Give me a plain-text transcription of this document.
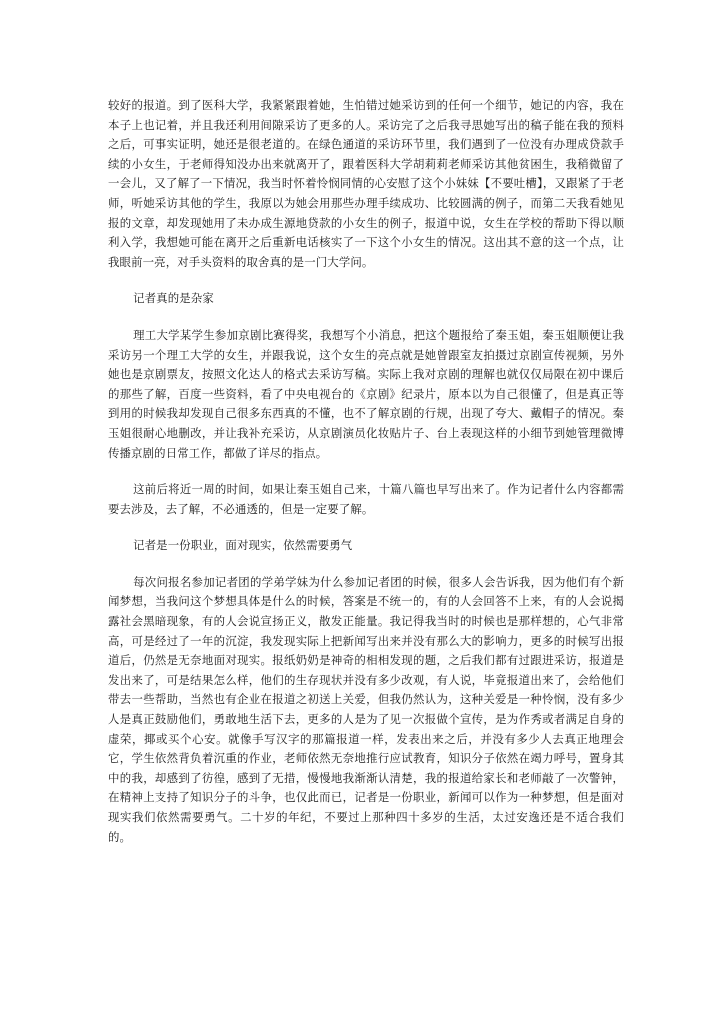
较好的报道。到了医科大学，我紧紧跟着她，生怕错过她采访到的任何一个细节，她记的内容，我在本子上也记着，并且我还利用间隙采访了更多的人。采访完了之后我寻思她写出的稿子能在我的预料之后，可事实证明，她还是很老道的。在绿色通道的采访环节里，我们遇到了一位没有办理成贷款手续的小女生，于老师得知没办出来就离开了，跟着医科大学胡莉莉老师采访其他贫困生，我稍微留了一会儿，又了解了一下情况，我当时怀着怜悯同情的心安慰了这个小妹妹【不要吐槽】，又跟紧了于老师，听她采访其他的学生，我原以为她会用那些办理手续成功、比较圆满的例子，而第二天我看她见报的文章，却发现她用了未办成生源地贷款的小女生的例子，报道中说，女生在学校的帮助下得以顺利入学，我想她可能在离开之后重新电话核实了一下这个小女生的情况。这出其不意的这一个点，让我眼前一亮，对手头资料的取舍真的是一门大学问。

记者真的是杂家

理工大学某学生参加京剧比赛得奖，我想写个小消息，把这个题报给了秦玉姐，秦玉姐顺便让我采访另一个理工大学的女生，并跟我说，这个女生的亮点就是她曾跟室友拍摄过京剧宣传视频，另外她也是京剧票友，按照文化达人的格式去采访写稿。实际上我对京剧的理解也就仅仅局限在初中课后的那些了解，百度一些资料，看了中央电视台的《京剧》纪录片，原本以为自己很懂了，但是真正等到用的时候我却发现自己很多东西真的不懂，也不了解京剧的行规，出现了夸大、戴帽子的情况。秦玉姐很耐心地删改，并让我补充采访，从京剧演员化妆贴片子、台上表现这样的小细节到她管理微博传播京剧的日常工作，都做了详尽的指点。

这前后将近一周的时间，如果让秦玉姐自己来，十篇八篇也早写出来了。作为记者什么内容都需要去涉及，去了解，不必通透的，但是一定要了解。

记者是一份职业，面对现实，依然需要勇气

每次问报名参加记者团的学弟学妹为什么参加记者团的时候，很多人会告诉我，因为他们有个新闻梦想，当我问这个梦想具体是什么的时候，答案是不统一的，有的人会回答不上来，有的人会说揭露社会黑暗现象，有的人会说宣扬正义，散发正能量。我记得我当时的时候也是那样想的，心气非常高，可是经过了一年的沉淀，我发现实际上把新闻写出来并没有那么大的影响力，更多的时候写出报道后，仍然是无奈地面对现实。报纸奶奶是神奇的相相发现的题，之后我们都有过跟进采访，报道是发出来了，可是结果怎么样，他们的生存现状并没有多少改观，有人说，毕竟报道出来了，会给他们带去一些帮助，当然也有企业在报道之初送上关爱，但我仍然认为，这种关爱是一种怜悯，没有多少人是真正鼓励他们，勇敢地生活下去，更多的人是为了见一次报做个宣传，是为作秀或者满足自身的虚荣，揶或买个心安。就像手写汉字的那篇报道一样，发表出来之后，并没有多少人去真正地理会它，学生依然背负着沉重的作业，老师依然无奈地推行应试教育，知识分子依然在竭力呼号，置身其中的我，却感到了彷徨，感到了无措，慢慢地我渐渐认清楚，我的报道给家长和老师敲了一次警钟，在精神上支持了知识分子的斗争，也仅此而已，记者是一份职业，新闻可以作为一种梦想，但是面对现实我们依然需要勇气。二十岁的年纪，不要过上那种四十多岁的生活，太过安逸还是不适合我们的。
